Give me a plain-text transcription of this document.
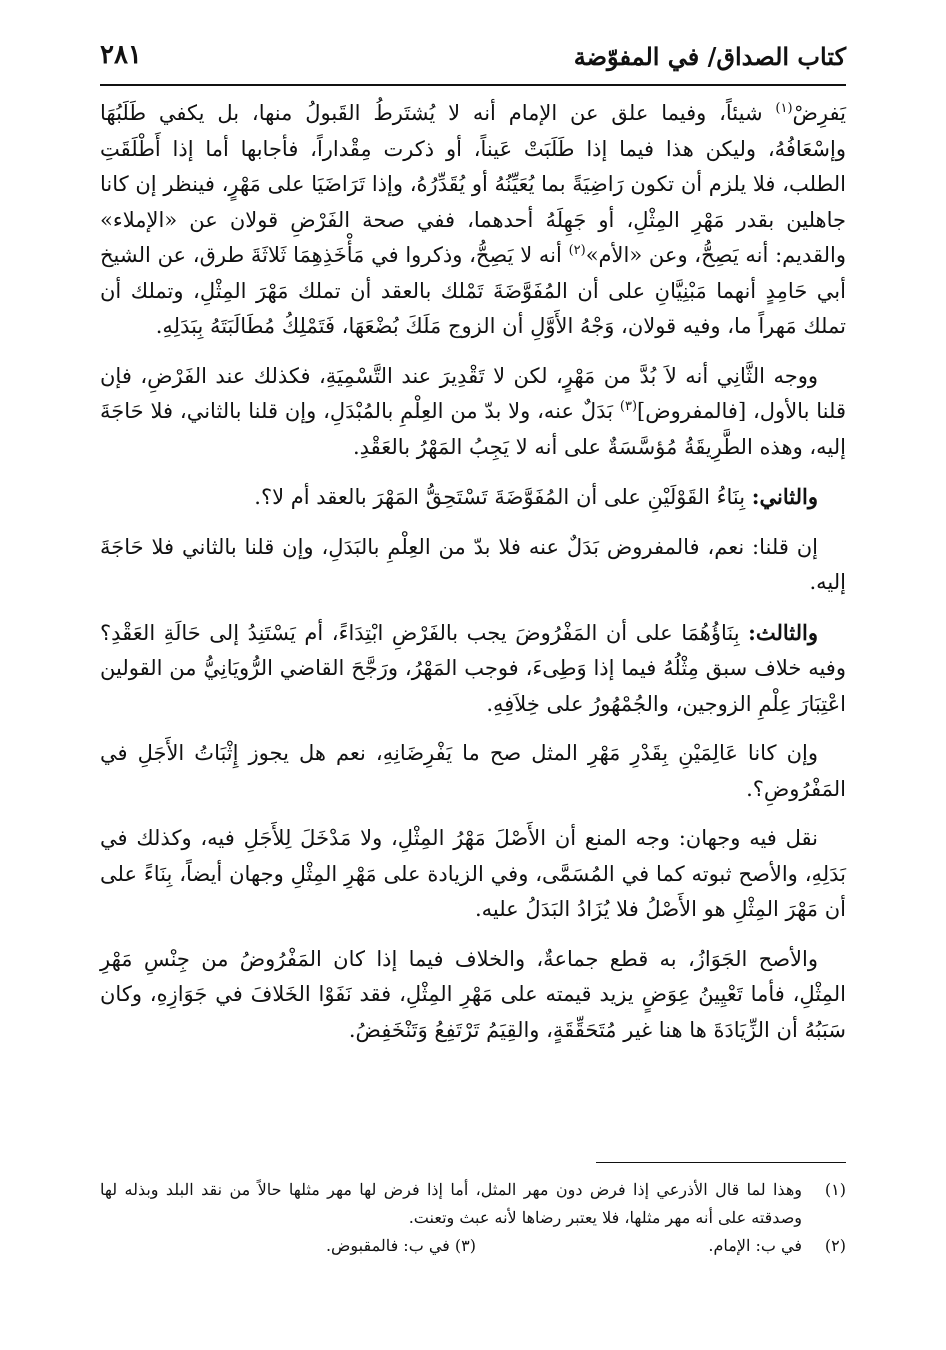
كتاب الصداق/ في المفوّضة
٢٨١

يَفرِضْ$^{(١)}$ شيئاً، وفيما علق عن الإمام أنه لا يُشتَرطُ القَبولُ منها، بل يكفي طَلَبُهَا وإسْعَافُهُ، وليكن هذا فيما إذا طَلَبَتْ عَيناً، أو ذكرت مِقْداراً، فأجابها أما إذا أَطْلَقَتِ الطلب، فلا يلزم أن تكون رَاضِيَةً بما يُعَيِّنُهُ أو يُقَدِّرُهُ، وإذا تَرَاضَيَا على مَهْرٍ، فينظر إن كانا جاهلين بقدر مَهْرِ المِثْلِ، أو جَهِلَهُ أحدهما، ففي صحة الفَرْضِ قولان عن «الإملاء» والقديم: أنه يَصِحُّ، وعن «الأم»$^{(٢)}$ أنه لا يَصِحُّ، وذكروا في مَأْخَذِهِمَا ثَلاثَةَ طرق، عن الشيخ أبي حَامِدٍ أنهما مَبْنِيَّانِ على أن المُفَوَّضَةَ تَمْلك بالعقد أن تملك مَهْرَ المِثْلِ، وتملك أن تملك مَهراً ما، وفيه قولان، وَجْهُ الأَوَّلِ أن الزوج مَلَكَ بُضْعَهَا، فَتَمْلِكُ مُطَالَبَتَهُ بِبَدَلِهِ.

ووجه الثَّانِي أنه لاَ بُدَّ من مَهْرٍ، لكن لا تَقْدِيرَ عند التَّسْمِيَةِ، فكذلك عند الفَرْضِ، فإن قلنا بالأول، [فالمفروض]$^{(٣)}$ بَدَلٌ عنه، ولا بدّ من العِلْمِ بالمُبْدَلِ، وإن قلنا بالثاني، فلا حَاجَةَ إليه، وهذه الطَّرِيقَةُ مُؤسَّسَةٌ على أنه لا يَجِبُ المَهْرُ بالعَقْدِ.

والثاني: بِنَاءُ القَوْلَيْنِ على أن المُفَوَّضَةَ تَسْتَحِقُّ المَهْرَ بالعقد أم لا؟.

إن قلنا: نعم، فالمفروض بَدَلٌ عنه فلا بدّ من العِلْمِ بالبَدَلِ، وإن قلنا بالثاني فلا حَاجَةَ إليه.

والثالث: بِنَاؤُهُمَا على أن المَفْرُوضَ يجب بالفَرْضِ ابْتِدَاءً، أم يَسْتَنِدُ إلى حَالَةِ العَقْدِ؟ وفيه خلاف سبق مِثْلُهُ فيما إذا وَطِىءَ، فوجب المَهْرُ، ورَجَّحَ القاضي الرُّويَانِيُّ من القولين اعْتِبَارَ عِلْمِ الزوجين، والجُمْهُورُ على خِلاَفِهِ.

وإن كانا عَالِمَيْنِ بِقَدْرِ مَهْرِ المثل صح ما يَفْرِضَانِهِ، نعم هل يجوز إِثْبَاتُ الأَجَلِ في المَفْرُوضِ؟.

نقل فيه وجهان: وجه المنع أن الأَصْلَ مَهْرُ المِثْلِ، ولا مَدْخَلَ لِلأَجَلِ فيه، وكذلك في بَدَلِهِ، والأصح ثبوته كما في المُسَمَّى، وفي الزيادة على مَهْرِ المِثْلِ وجهان أيضاً، بِنَاءً على أن مَهْرَ المِثْلِ هو الأَصْلُ فلا يُزَادُ البَدَلُ عليه.

والأصح الجَوَازُ، به قطع جماعةٌ، والخلاف فيما إذا كان المَفْرُوضُ من جِنْسِ مَهْرِ المِثْلِ، فأما تَعْيِينُ عِوَضٍ يزيد قيمته على مَهْرِ المِثْلِ، فقد نَفَوْا الخَلافَ في جَوَازِهِ، وكان سَبَبُهُ أن الزِّيَادَةَ ها هنا غير مُتَحَقِّقَةٍ، والقِيَمُ تَرْتَفِعُ وَتَنْخَفِضُ.

(١)
وهذا لما قال الأذرعي إذا فرض دون مهر المثل، أما إذا فرض لها مهر مثلها حالاً من نقد البلد وبذله لها وصدقته على أنه مهر مثلها، فلا يعتبر رضاها لأنه عبث وتعنت.
(٢)
في ب: الإمام.
(٣) في ب: فالمقبوض.
